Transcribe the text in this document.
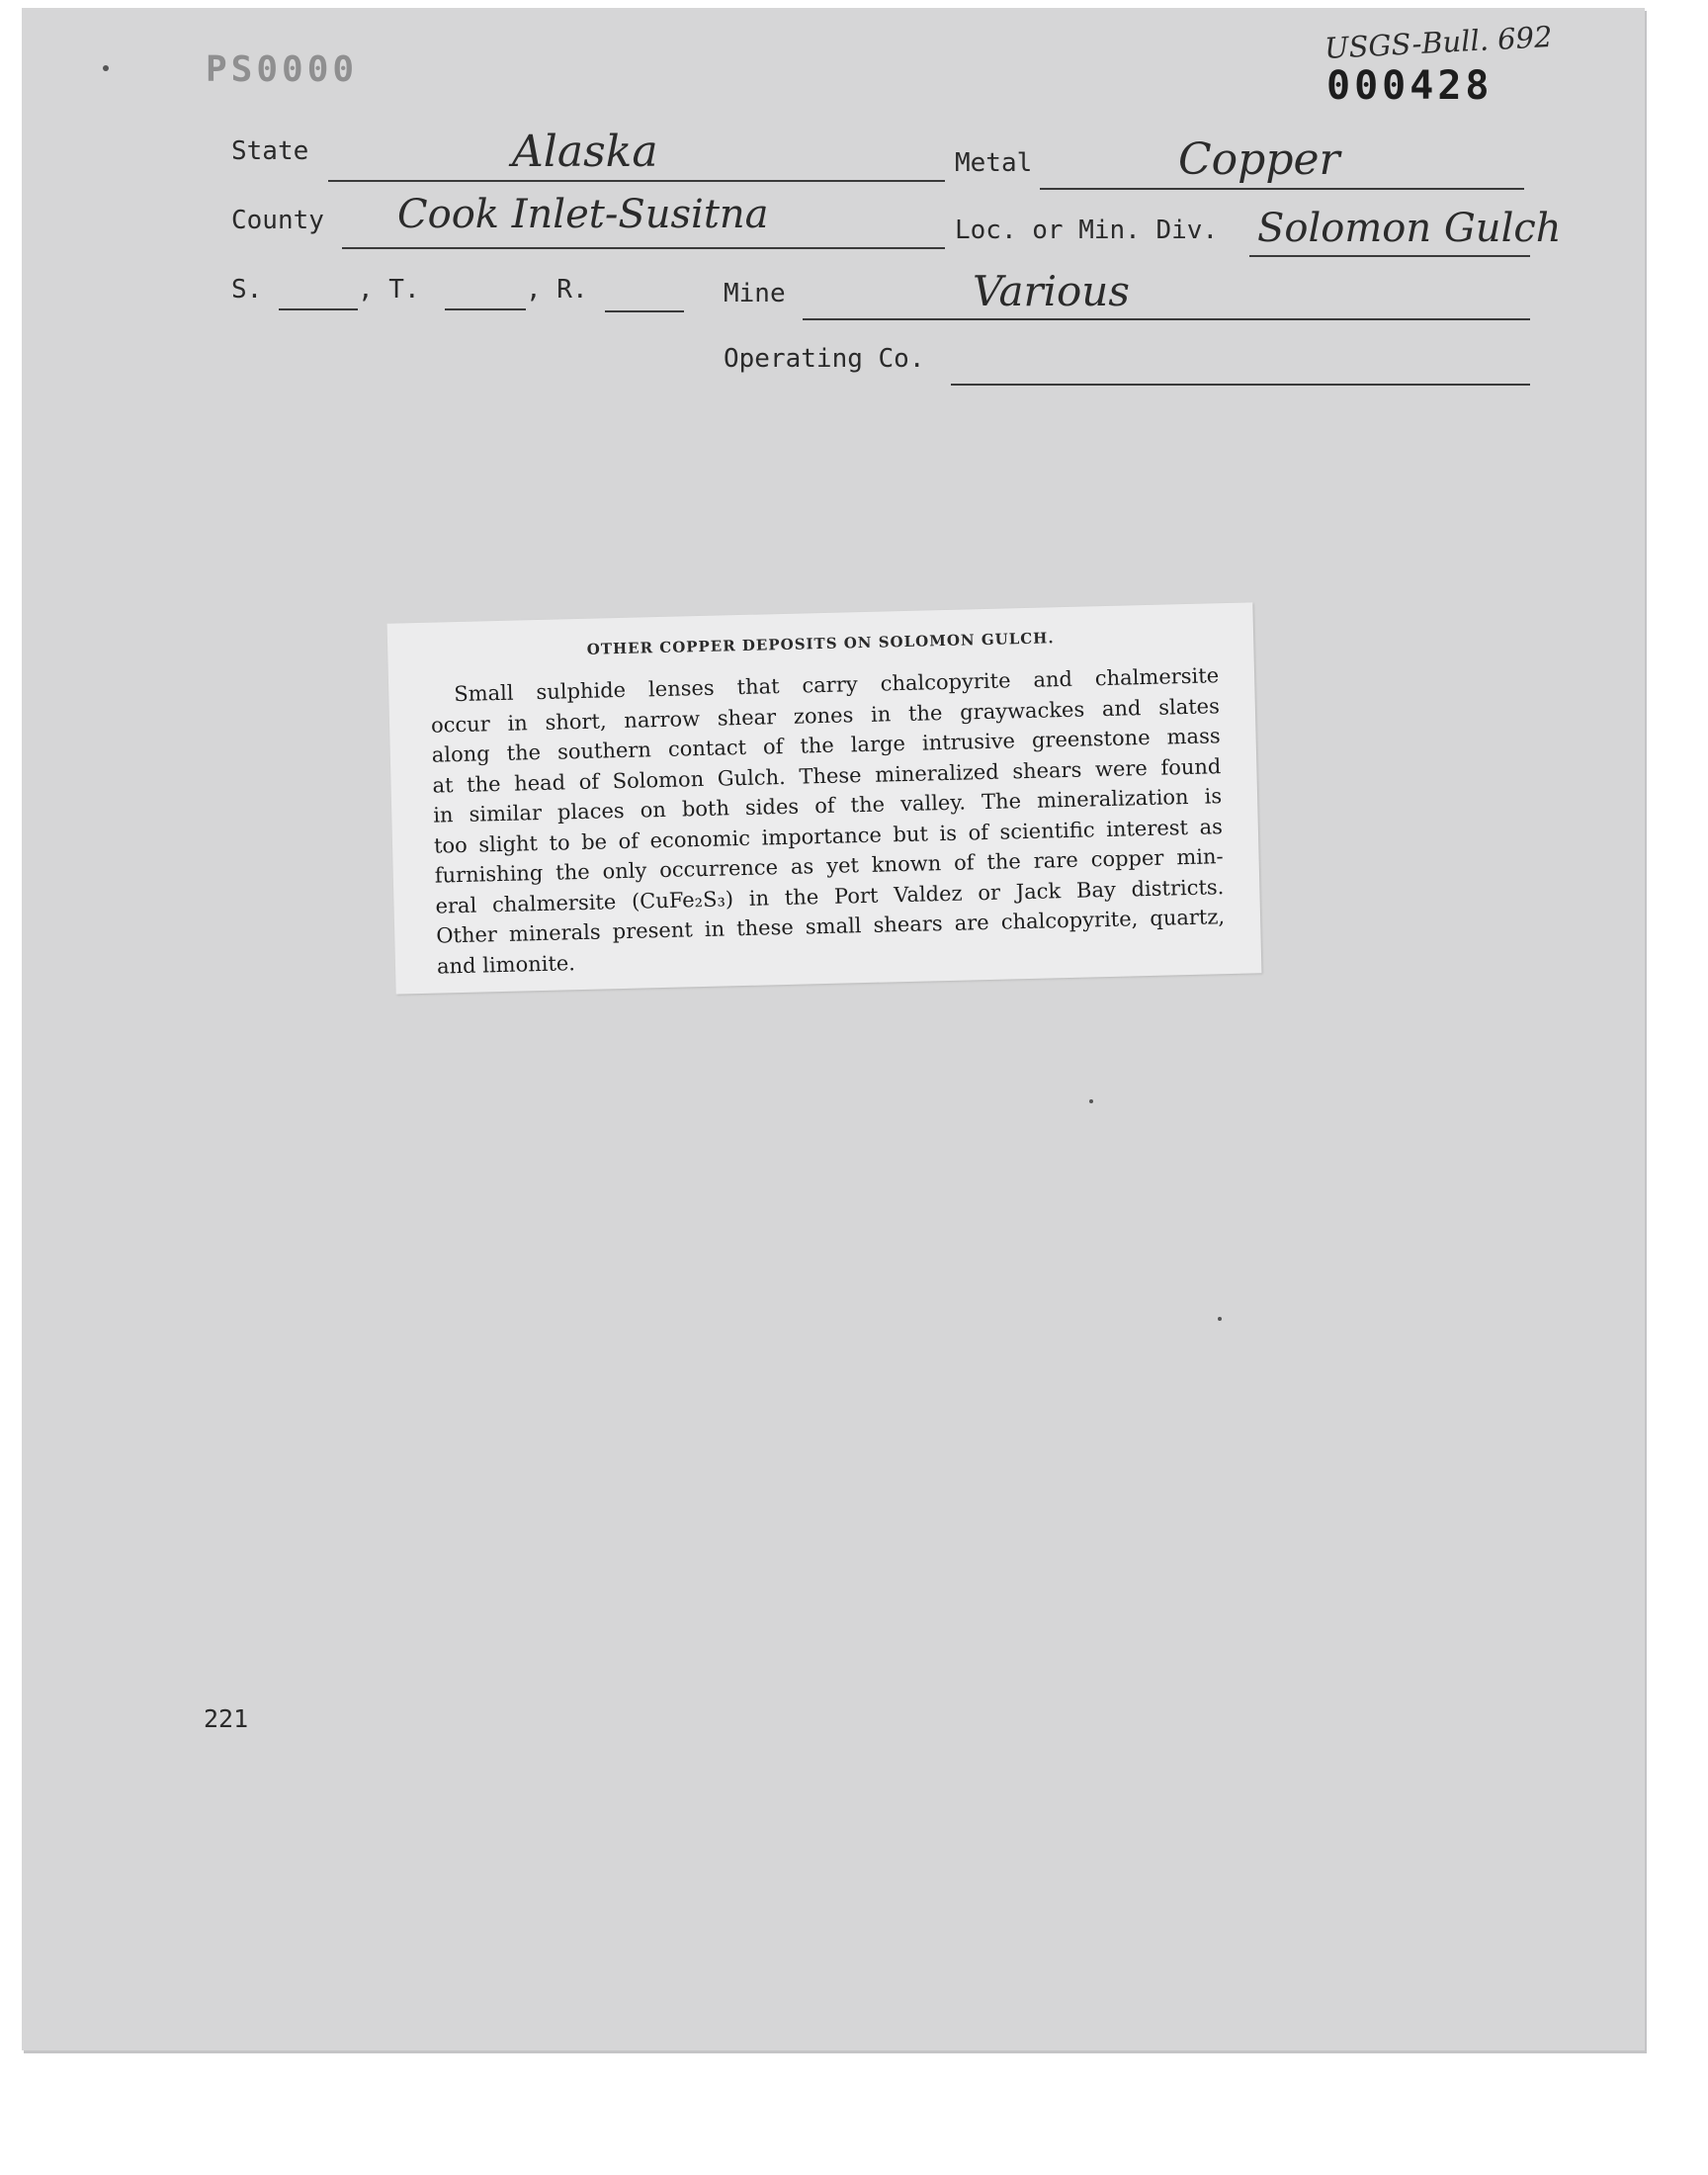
PS0000
USGS-Bull. 692
000428
State	Alaska	Metal	Copper
County Cook Inlet-Susitna	Loc. or Min. Div. Solomon Gulch
S.	, T.	, R.	Mine	Various
Operating Co.
221
OTHER COPPER DEPOSITS ON SOLOMON GULCH.
Small sulphide lenses that carry chalcopyrite and chalmersite
occur in short, narrow shear zones in the graywackes and slates
along the southern contact of the large intrusive greenstone mass
at the head of Solomon Gulch. These mineralized shears were found
in similar places on both sides of the valley. The mineralization is
too slight to be of economic importance but is of scientific interest as
furnishing the only occurrence as yet known of the rare copper min-
eral chalmersite (CuFe₂S₃) in the Port Valdez or Jack Bay districts.
Other minerals present in these small shears are chalcopyrite, quartz,
and limonite.
